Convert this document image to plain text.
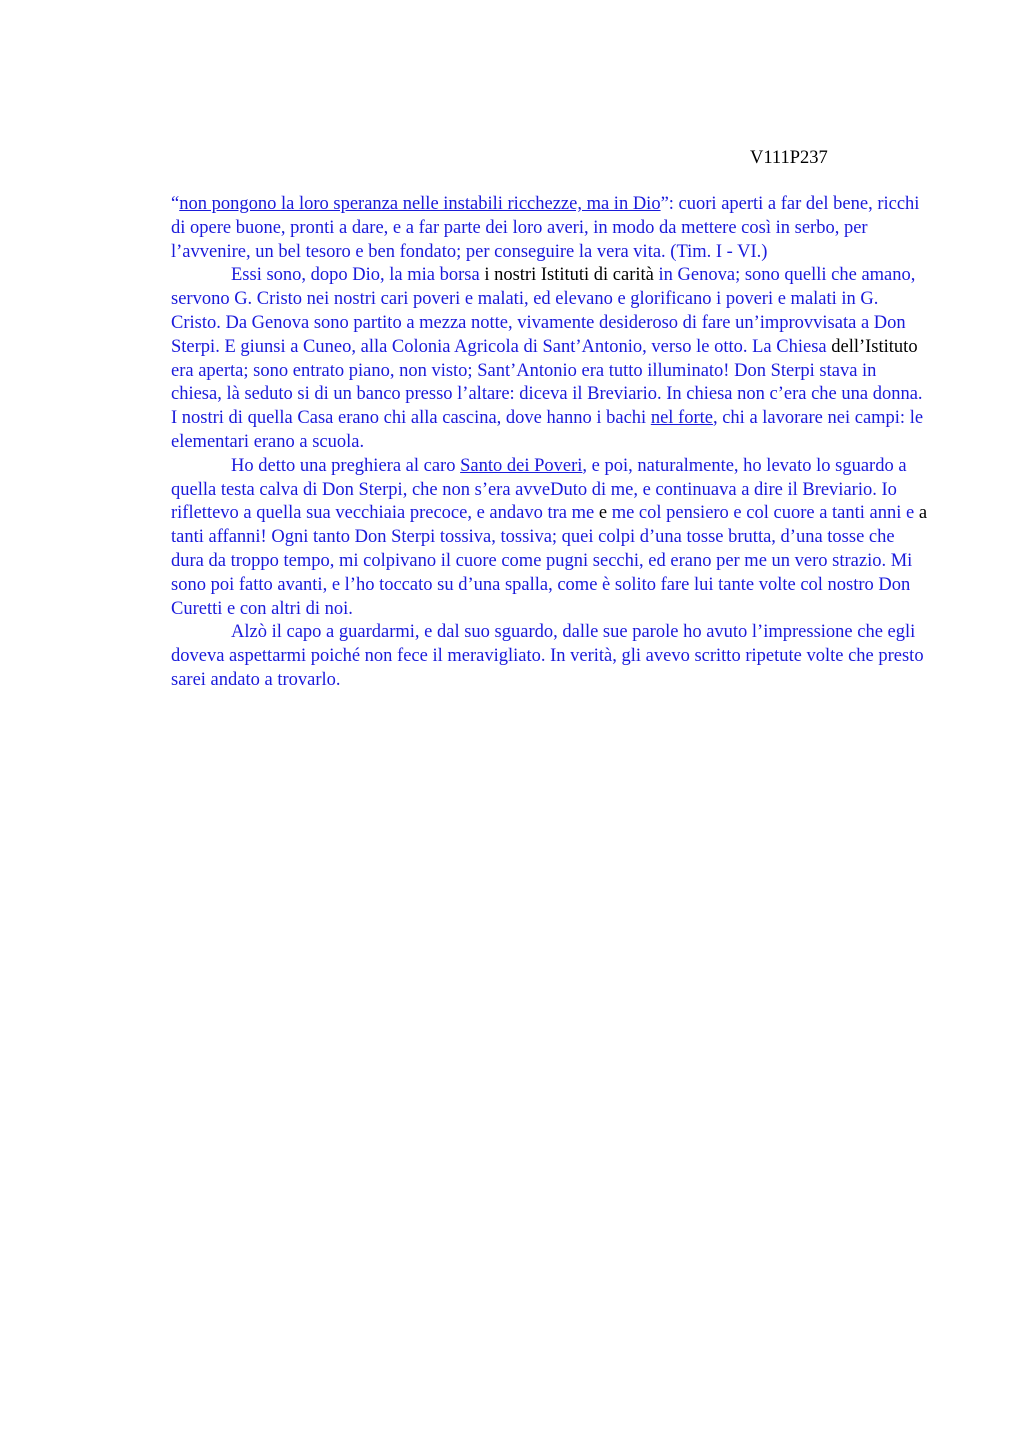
V111P237

“non pongono la loro speranza nelle instabili ricchezze, ma in Dio”: cuori aperti a far del bene, ricchi di opere buone, pronti a dare, e a far parte dei loro averi, in modo da mettere così in serbo, per l’avvenire, un bel tesoro e ben fondato; per conseguire la vera vita. (Tim. I - VI.)

Essi sono, dopo Dio, la mia borsa i nostri Istituti di carità in Genova; sono quelli che amano, servono G. Cristo nei nostri cari poveri e malati, ed elevano e glorificano i poveri e malati in G. Cristo. Da Genova sono partito a mezza notte, vivamente desideroso di fare un’improvvisata a Don Sterpi. E giunsi a Cuneo, alla Colonia Agricola di Sant’Antonio, verso le otto. La Chiesa dell’Istituto era aperta; sono entrato piano, non visto; Sant’Antonio era tutto illuminato! Don Sterpi stava in chiesa, là seduto si di un banco presso l’altare: diceva il Breviario. In chiesa non c’era che una donna. I nostri di quella Casa erano chi alla cascina, dove hanno i bachi nel forte, chi a lavorare nei campi: le elementari erano a scuola.

Ho detto una preghiera al caro Santo dei Poveri, e poi, naturalmente, ho levato lo sguardo a quella testa calva di Don Sterpi, che non s’era avveDuto di me, e continuava a dire il Breviario. Io riflettevo a quella sua vecchiaia precoce, e andavo tra me e me col pensiero e col cuore a tanti anni e a tanti affanni! Ogni tanto Don Sterpi tossiva, tossiva; quei colpi d’una tosse brutta, d’una tosse che dura da troppo tempo, mi colpivano il cuore come pugni secchi, ed erano per me un vero strazio. Mi sono poi fatto avanti, e l’ho toccato su d’una spalla, come è solito fare lui tante volte col nostro Don Curetti e con altri di noi.

Alzò il capo a guardarmi, e dal suo sguardo, dalle sue parole ho avuto l’impressione che egli doveva aspettarmi poiché non fece il meravigliato. In verità, gli avevo scritto ripetute volte che presto sarei andato a trovarlo.
